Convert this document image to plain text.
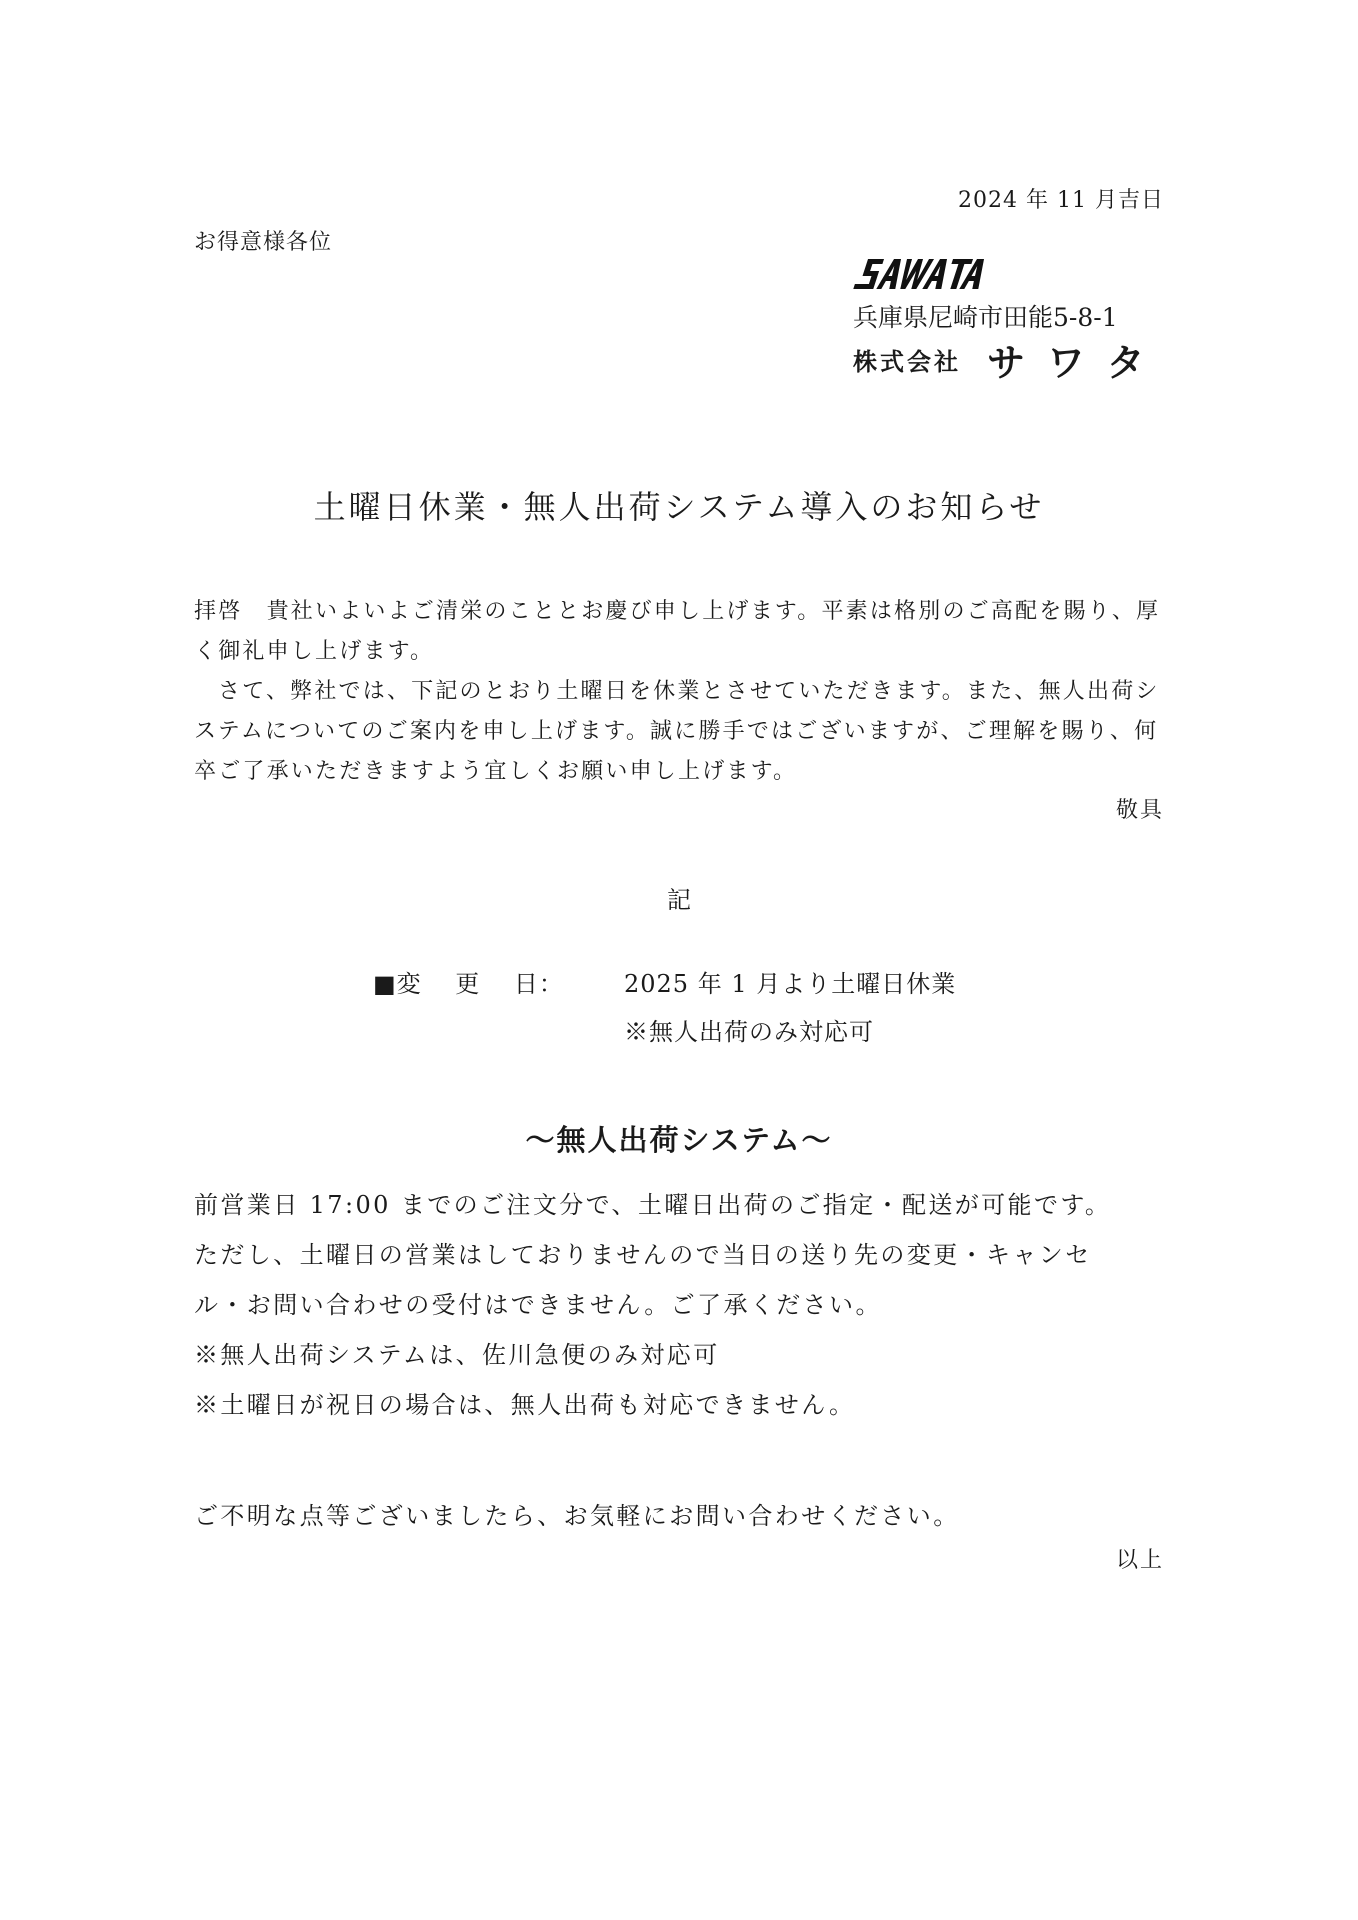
2024 年 11 月吉日
お得意様各位
兵庫県尼崎市田能5-8-1
株式会社 サワタ
土曜日休業・無人出荷システム導入のお知らせ
拝啓　貴社いよいよご清栄のこととお慶び申し上げます。平素は格別のご高配を賜り、厚く御礼申し上げます。
さて、弊社では、下記のとおり土曜日を休業とさせていただきます。また、無人出荷システムについてのご案内を申し上げます。誠に勝手ではございますが、ご理解を賜り、何卒ご了承いただきますよう宜しくお願い申し上げます。
敬具
記
■変　 更　 日：	2025 年 1 月より土曜日休業
※無人出荷のみ対応可
～無人出荷システム～
前営業日 17:00 までのご注文分で、土曜日出荷のご指定・配送が可能です。
ただし、土曜日の営業はしておりませんので当日の送り先の変更・キャンセ
ル・お問い合わせの受付はできません。ご了承ください。
※無人出荷システムは、佐川急便のみ対応可
※土曜日が祝日の場合は、無人出荷も対応できません。
ご不明な点等ございましたら、お気軽にお問い合わせください。
以上
